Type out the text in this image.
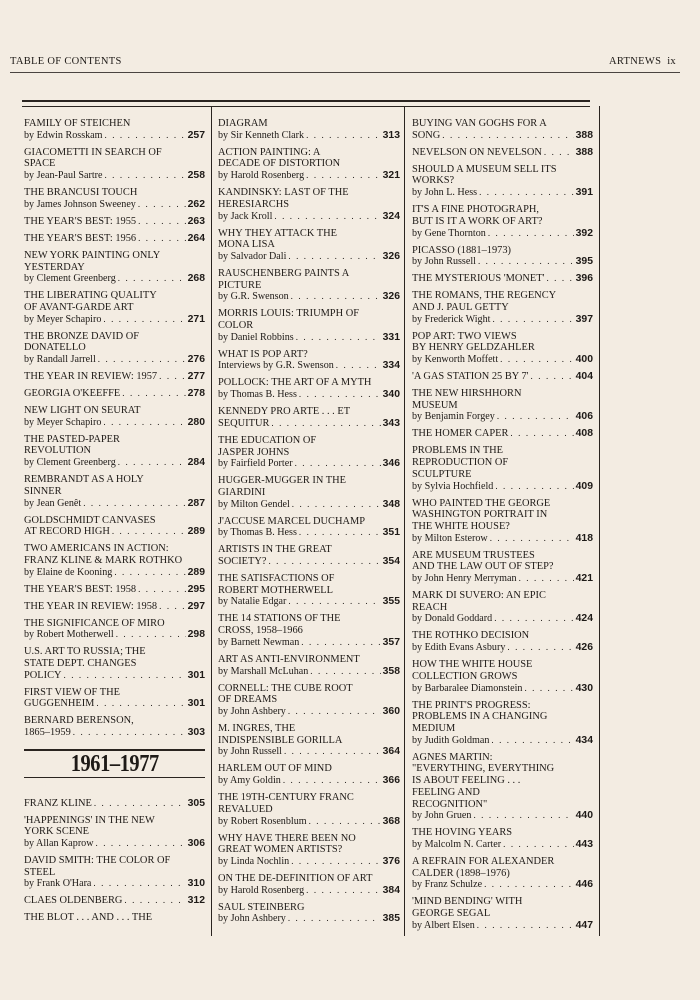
TABLE OF CONTENTS	ARTNEWS ix
FAMILY OF STEICHEN
by Edwin Rosskam . . .	257
GIACOMETTI IN SEARCH OF
SPACE
by Jean-Paul Sartre . . .	258
THE BRANCUSI TOUCH
by James Johnson Sweeney . . .	262
THE YEAR'S BEST: 1955 . . .	263
THE YEAR'S BEST: 1956 . . .	264
NEW YORK PAINTING ONLY
YESTERDAY
by Clement Greenberg . . .	268
THE LIBERATING QUALITY
OF AVANT-GARDE ART
by Meyer Schapiro . . .	271
THE BRONZE DAVID OF
DONATELLO
by Randall Jarrell . . .	276
THE YEAR IN REVIEW: 1957 . . .	277
GEORGIA O'KEEFFE . . .	278
NEW LIGHT ON SEURAT
by Meyer Schapiro . . .	280
THE PASTED-PAPER
REVOLUTION
by Clement Greenberg . . .	284
REMBRANDT AS A HOLY
SINNER
by Jean Genêt . . .	287
GOLDSCHMIDT CANVASES
AT RECORD HIGH . . .	289
TWO AMERICANS IN ACTION:
FRANZ KLINE & MARK ROTHKO
by Elaine de Kooning . . .	289
THE YEAR'S BEST: 1958 . . .	295
THE YEAR IN REVIEW: 1958 . . .	297
THE SIGNIFICANCE OF MIRO
by Robert Motherwell . . .	298
U.S. ART TO RUSSIA; THE
STATE DEPT. CHANGES
POLICY . . .	301
FIRST VIEW OF THE
GUGGENHEIM . . .	301
BERNARD BERENSON,
1865–1959 . . .	303
1961–1977
FRANZ KLINE . . .	305
'HAPPENINGS' IN THE NEW
YORK SCENE
by Allan Kaprow . . .	306
DAVID SMITH: THE COLOR OF
STEEL
by Frank O'Hara . . .	310
CLAES OLDENBERG . . .	312
THE BLOT . . . AND . . . THE
DIAGRAM
by Sir Kenneth Clark . . .	313
ACTION PAINTING: A
DECADE OF DISTORTION
by Harold Rosenberg . . .	321
KANDINSKY: LAST OF THE
HERESIARCHS
by Jack Kroll . . .	324
WHY THEY ATTACK THE
MONA LISA
by Salvador Dali . . .	326
RAUSCHENBERG PAINTS A
PICTURE
by G.R. Swenson . . .	326
MORRIS LOUIS: TRIUMPH OF
COLOR
by Daniel Robbins . . .	331
WHAT IS POP ART?
Interviews by G.R. Swenson . . .	334
POLLOCK: THE ART OF A MYTH
by Thomas B. Hess . . .	340
KENNEDY PRO ARTE . . . ET
SEQUITUR . . .	343
THE EDUCATION OF
JASPER JOHNS
by Fairfield Porter . . .	346
HUGGER-MUGGER IN THE
GIARDINI
by Milton Gendel . . .	348
J'ACCUSE MARCEL DUCHAMP
by Thomas B. Hess . . .	351
ARTISTS IN THE GREAT
SOCIETY? . . .	354
THE SATISFACTIONS OF
ROBERT MOTHERWELL
by Natalie Edgar . . .	355
THE 14 STATIONS OF THE
CROSS, 1958–1966
by Barnett Newman . . .	357
ART AS ANTI-ENVIRONMENT
by Marshall McLuhan . . .	358
CORNELL: THE CUBE ROOT
OF DREAMS
by John Ashbery . . .	360
M. INGRES, THE
INDISPENSIBLE GORILLA
by John Russell . . .	364
HARLEM OUT OF MIND
by Amy Goldin . . .	366
THE 19TH-CENTURY FRANC
REVALUED
by Robert Rosenblum . . .	368
WHY HAVE THERE BEEN NO
GREAT WOMEN ARTISTS?
by Linda Nochlin . . .	376
ON THE DE-DEFINITION OF ART
by Harold Rosenberg . . .	384
SAUL STEINBERG
by John Ashbery . . .	385
BUYING VAN GOGHS FOR A
SONG . . .	388
NEVELSON ON NEVELSON . . .	388
SHOULD A MUSEUM SELL ITS
WORKS?
by John L. Hess . . .	391
IT'S A FINE PHOTOGRAPH,
BUT IS IT A WORK OF ART?
by Gene Thornton . . .	392
PICASSO (1881–1973)
by John Russell . . .	395
THE MYSTERIOUS 'MONET' . . .	396
THE ROMANS, THE REGENCY
AND J. PAUL GETTY
by Frederick Wight . . .	397
POP ART: TWO VIEWS
BY HENRY GELDZAHLER
by Kenworth Moffett . . .	400
'A GAS STATION 25 BY 7' . . .	404
THE NEW HIRSHHORN
MUSEUM
by Benjamin Forgey . . .	406
THE HOMER CAPER . . .	408
PROBLEMS IN THE
REPRODUCTION OF
SCULPTURE
by Sylvia Hochfield . . .	409
WHO PAINTED THE GEORGE
WASHINGTON PORTRAIT IN
THE WHITE HOUSE?
by Milton Esterow . . .	418
ARE MUSEUM TRUSTEES
AND THE LAW OUT OF STEP?
by John Henry Merryman . . .	421
MARK DI SUVERO: AN EPIC
REACH
by Donald Goddard . . .	424
THE ROTHKO DECISION
by Edith Evans Asbury . . .	426
HOW THE WHITE HOUSE
COLLECTION GROWS
by Barbaralee Diamonstein . . .	430
THE PRINT'S PROGRESS:
PROBLEMS IN A CHANGING
MEDIUM
by Judith Goldman . . .	434
AGNES MARTIN:
"EVERYTHING, EVERYTHING
IS ABOUT FEELING . . .
FEELING AND
RECOGNITION"
by John Gruen . . .	440
THE HOVING YEARS
by Malcolm N. Carter . . .	443
A REFRAIN FOR ALEXANDER
CALDER (1898–1976)
by Franz Schulze . . .	446
'MIND BENDING' WITH
GEORGE SEGAL
by Albert Elsen . . .	447
